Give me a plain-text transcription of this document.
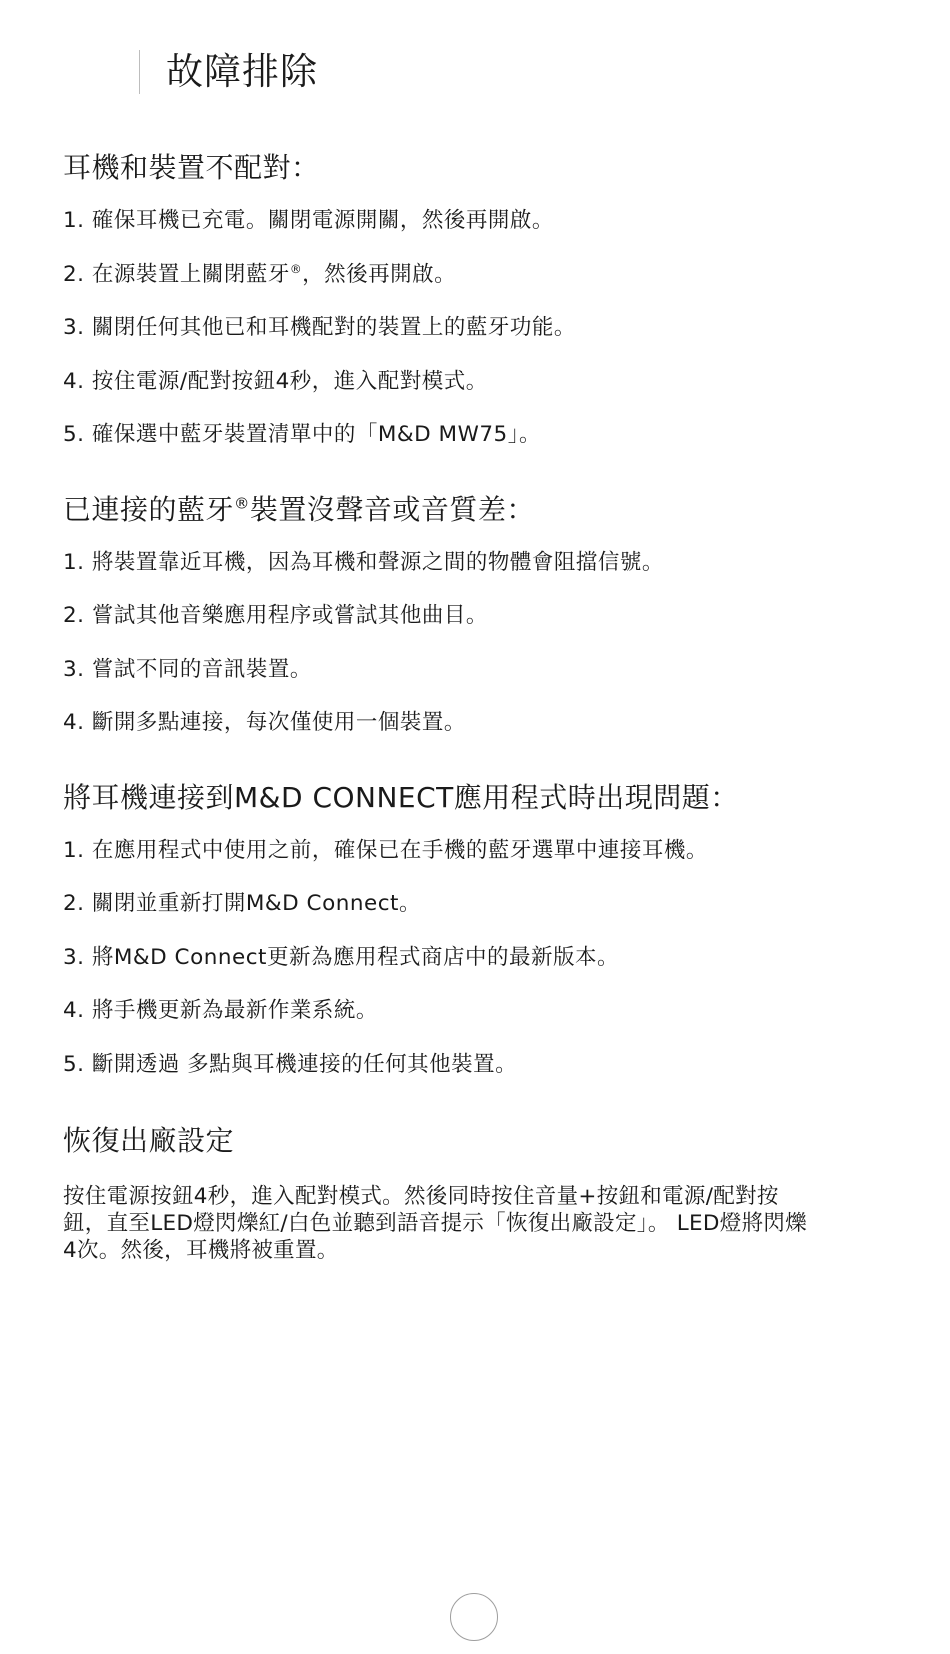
故障排除
耳機和裝置不配對：
1. 確保耳機已充電。關閉電源開關，然後再開啟。
2. 在源裝置上關閉藍牙®，然後再開啟。
3. 關閉任何其他已和耳機配對的裝置上的藍牙功能。
4. 按住電源/配對按鈕4秒，進入配對模式。
5. 確保選中藍牙裝置清單中的「M&D MW75」。
已連接的藍牙®裝置沒聲音或音質差：
1. 將裝置靠近耳機，因為耳機和聲源之間的物體會阻擋信號。
2. 嘗試其他音樂應用程序或嘗試其他曲目。
3. 嘗試不同的音訊裝置。
4. 斷開多點連接，每次僅使用一個裝置。
將耳機連接到M&D CONNECT應用程式時出現問題：
1. 在應用程式中使用之前，確保已在手機的藍牙選單中連接耳機。
2. 關閉並重新打開M&D Connect。
3. 將M&D Connect更新為應用程式商店中的最新版本。
4. 將手機更新為最新作業系統。
5. 斷開透過 多點與耳機連接的任何其他裝置。
恢復出廠設定

按住電源按鈕4秒，進入配對模式。然後同時按住音量+按鈕和電源/配對按
鈕，直至LED燈閃爍紅/白色並聽到語音提示「恢復出廠設定」。 LED燈將閃爍
4次。然後，耳機將被重置。
